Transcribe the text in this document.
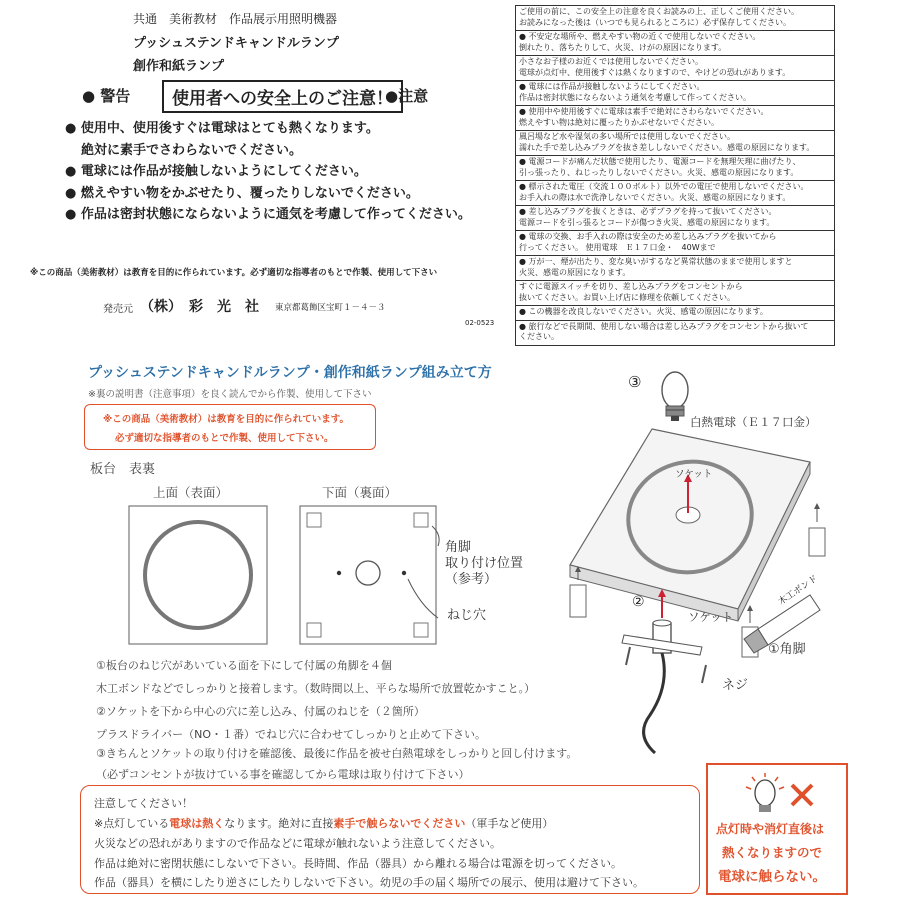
共通　美術教材　作品展示用照明機器
プッシュステンドキャンドルランプ
創作和紙ランプ
● 警告	使用者への安全上のご注意！
●注意
● 使用中、使用後すぐは電球はとても熱くなります。
絶対に素手でさわらないでください。
● 電球には作品が接触しないようにしてください。
● 燃えやすい物をかぶせたり、覆ったりしないでください。
● 作品は密封状態にならないように通気を考慮して作ってください。
※この商品（美術教材）は教育を目的に作られています。必ず適切な指導者のもとで作製、使用して下さい
発売元 （株）　彩　光　社 東京都葛飾区宝町１－４－３
02-0523
ご使用の前に、この安全上の注意を良くお読みの上、正しくご使用ください。
お読みになった後は（いつでも見られるところに）必ず保存してください。
● 不安定な場所や、燃えやすい物の近くで使用しないでください。
倒れたり、落ちたりして、火災、けがの原因になります。
小さなお子様のお近くでは使用しないでください。
電球が点灯中、使用後すぐは熱くなりますので、やけどの恐れがあります。
● 電球には作品が接触しないようにしてください。
作品は密封状態にならないよう通気を考慮して作ってください。
● 使用中や使用後すぐに電球は素手で絶対にさわらないでください。
燃えやすい物は絶対に覆ったりかぶせないでください。
風呂場など水や湿気の多い場所では使用しないでください。
濡れた手で差し込みプラグを抜き差ししないでください。感電の原因になります。
● 電源コードが痛んだ状態で使用したり、電源コードを無理矢理に曲げたり、
引っ張ったり、ねじったりしないでください。火災、感電の原因になります。
● 標示された電圧（交流１００ボルト）以外での電圧で使用しないでください。
お手入れの際は水で洗浄しないでください。火災、感電の原因になります。
● 差し込みプラグを抜くときは、必ずプラグを持って抜いてください。
電源コードを引っ張るとコードが傷つき火災、感電の原因になります。
● 電球の交換、お手入れの際は安全のため差し込みプラグを抜いてから
行ってください。 使用電球　Ｅ１７口金・　40Wまで
● 万が一、煙が出たり、変な臭いがするなど異常状態のままで使用しますと
火災、感電の原因になります。
すぐに電源スイッチを切り、差し込みプラグをコンセントから
抜いてください。お買い上げ店に修理を依頼してください。
● この機器を改良しないでください。火災、感電の原因になります。
● 旅行などで長期間、使用しない場合は差し込みプラグをコンセントから抜いて
ください。
プッシュステンドキャンドルランプ・創作和紙ランプ組み立て方
※裏の説明書（注意事項）を良く読んでから作製、使用して下さい
※この商品（美術教材）は教育を目的に作られています。
必ず適切な指導者のもとで作製、使用して下さい。
板台　表裏
上面（表面）	下面（裏面）
角脚
取り付け位置
（参考）
ねじ穴
③
白熱電球（Ｅ１７口金）
ソケット
②
ソケット
木工ボンド
①角脚
ネジ
①板台のねじ穴があいている面を下にして付属の角脚を４個
木工ボンドなどでしっかりと接着します。（数時間以上、平らな場所で放置乾かすこと。）
②ソケットを下から中心の穴に差し込み、付属のねじを（２箇所）
プラスドライバー（NO・１番）でねじ穴に合わせてしっかりと止めて下さい。
③きちんとソケットの取り付けを確認後、最後に作品を被せ白熱電球をしっかりと回し付けます。
（必ずコンセントが抜けている事を確認してから電球は取り付けて下さい）
注意してください！
※点灯している電球は熱くなります。絶対に直接素手で触らないでください（軍手など使用）
火災などの恐れがありますので作品などに電球が触れないよう注意してください。
作品は絶対に密閉状態にしないで下さい。長時間、作品（器具）から離れる場合は電源を切ってください。
作品（器具）を横にしたり逆さにしたりしないで下さい。幼児の手の届く場所での展示、使用は避けて下さい。
点灯時や消灯直後は
熱くなりますので
電球に触らない。
